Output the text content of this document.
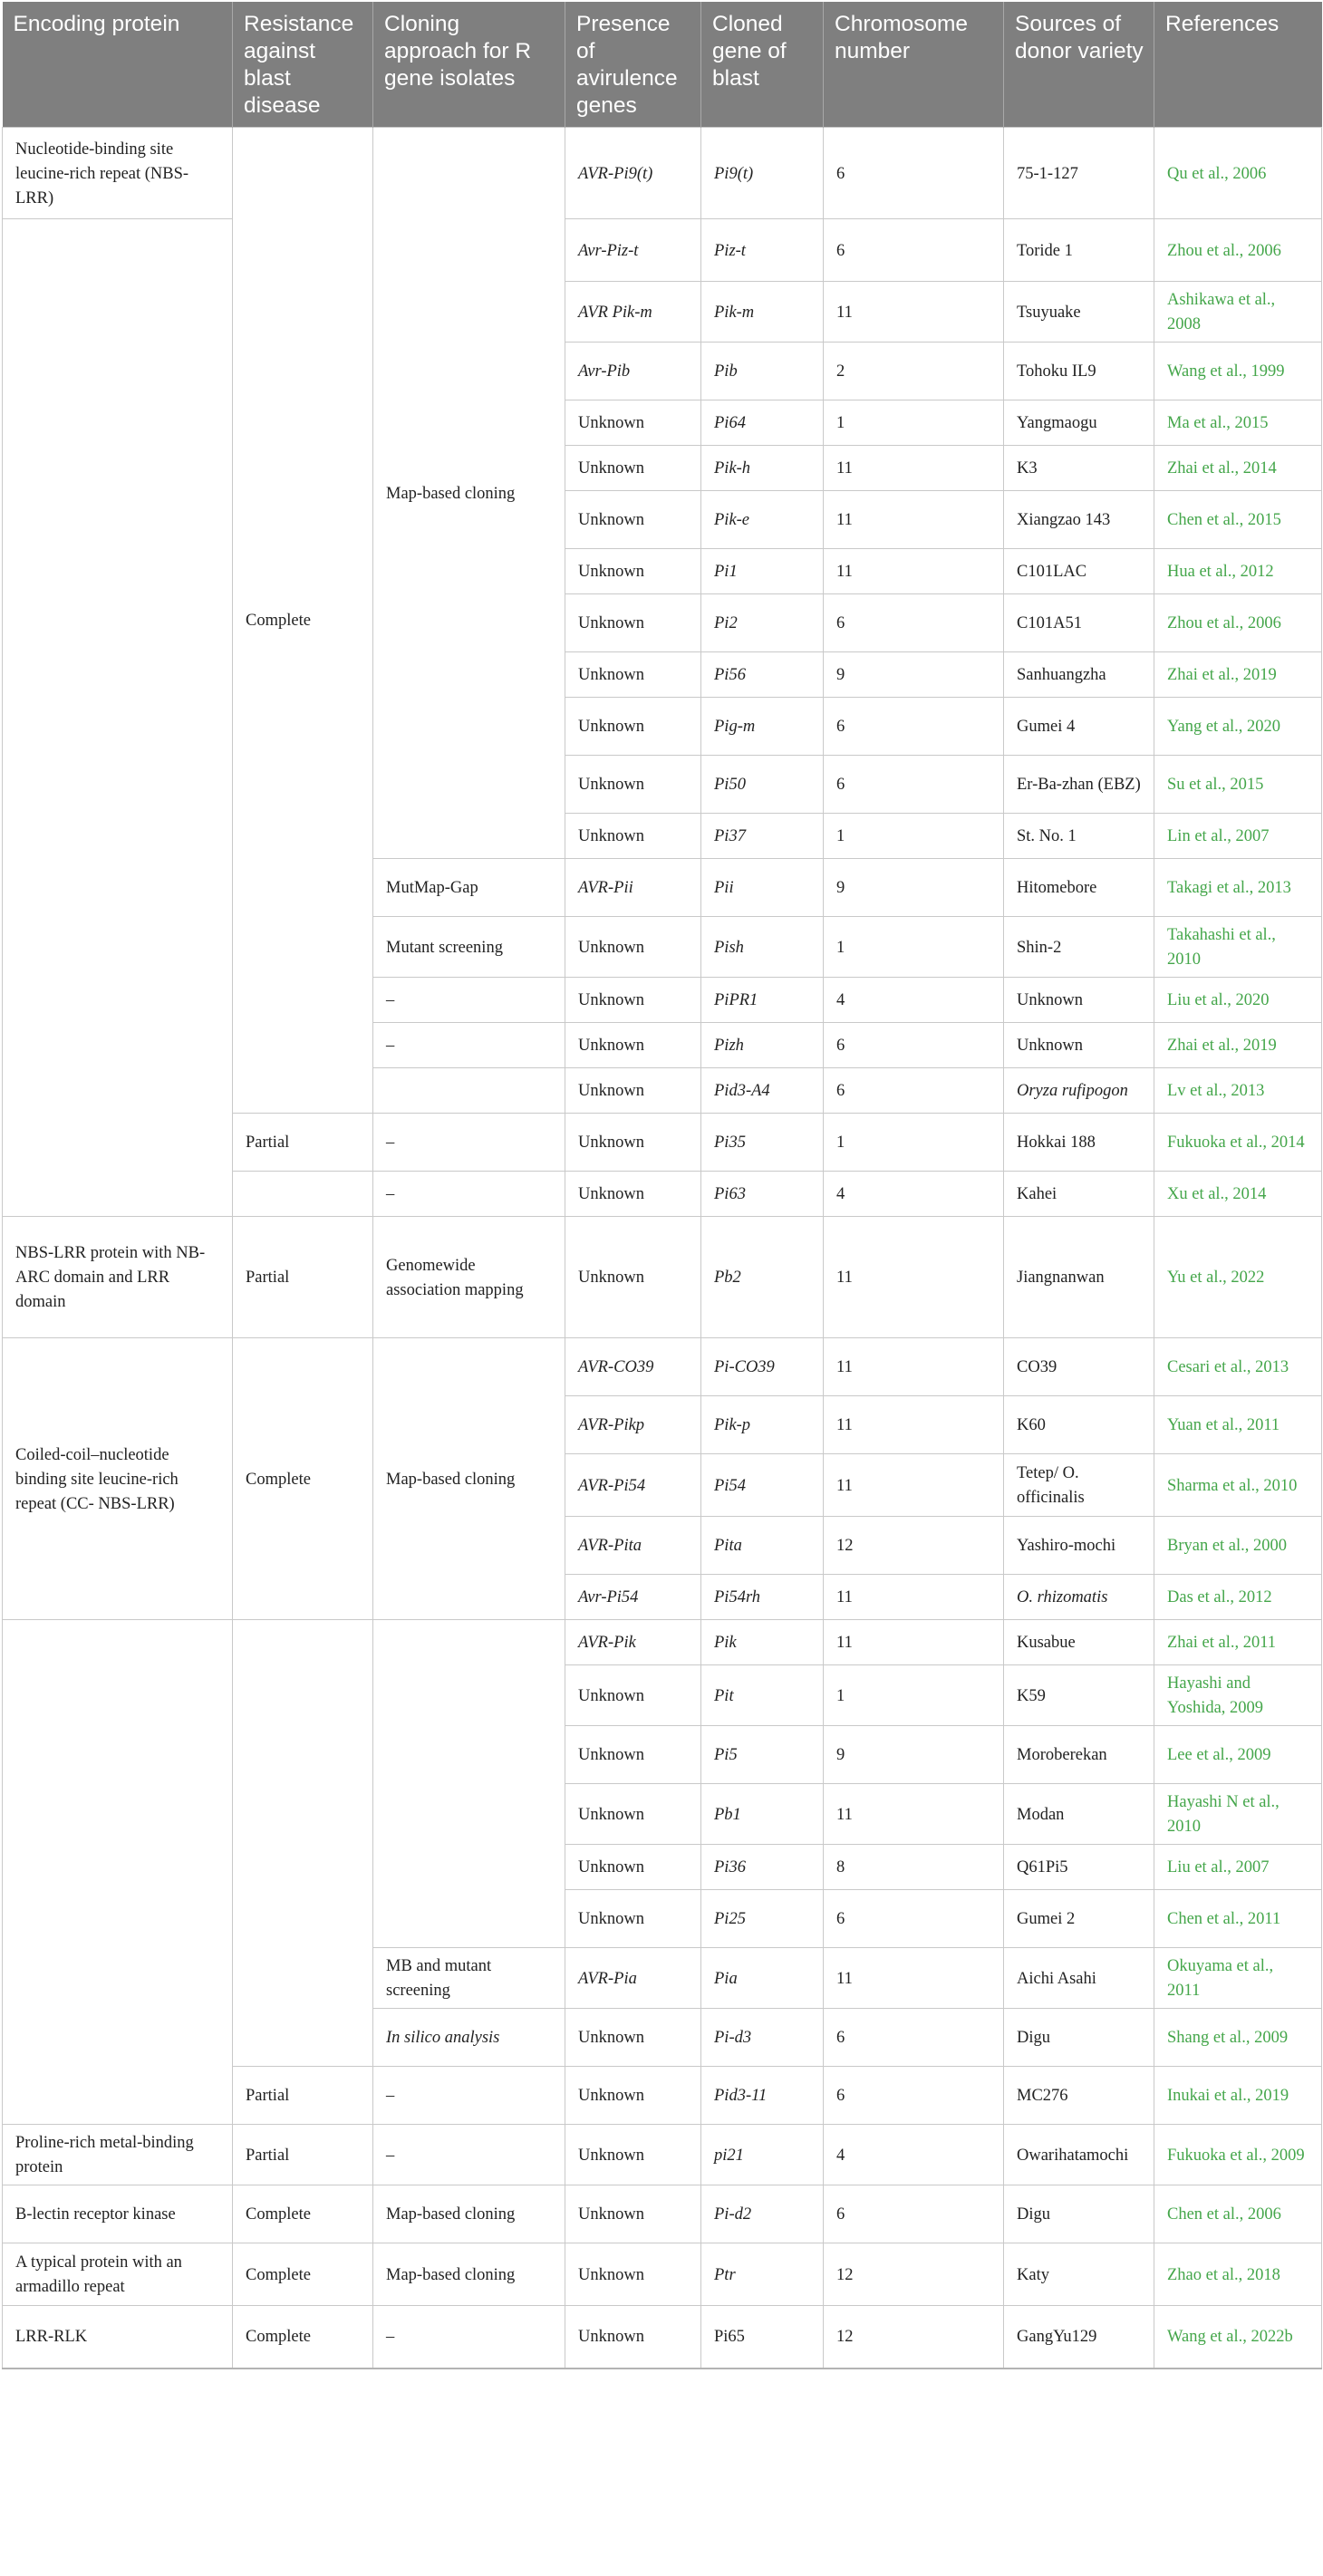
Encoding protein	Resistance against blast disease	Cloning approach for R gene isolates	Presence of avirulence genes	Cloned gene of blast	Chromosome number	Sources of donor variety	References
Nucleotide-binding site leucine-rich repeat (NBS-LRR)	Complete	Map-based cloning	AVR-Pi9(t)	Pi9(t)	6	75-1-127	Qu et al., 2006
			Avr-Piz-t	Piz-t	6	Toride 1	Zhou et al., 2006
			AVR Pik-m	Pik-m	11	Tsuyuake	Ashikawa et al., 2008
			Avr-Pib	Pib	2	Tohoku IL9	Wang et al., 1999
			Unknown	Pi64	1	Yangmaogu	Ma et al., 2015
			Unknown	Pik-h	11	K3	Zhai et al., 2014
			Unknown	Pik-e	11	Xiangzao 143	Chen et al., 2015
			Unknown	Pi1	11	C101LAC	Hua et al., 2012
			Unknown	Pi2	6	C101A51	Zhou et al., 2006
			Unknown	Pi56	9	Sanhuangzha	Zhai et al., 2019
			Unknown	Pig-m	6	Gumei 4	Yang et al., 2020
			Unknown	Pi50	6	Er-Ba-zhan (EBZ)	Su et al., 2015
			Unknown	Pi37	1	St. No. 1	Lin et al., 2007
		MutMap-Gap	AVR-Pii	Pii	9	Hitomebore	Takagi et al., 2013
		Mutant screening	Unknown	Pish	1	Shin-2	Takahashi et al., 2010
		–	Unknown	PiPR1	4	Unknown	Liu et al., 2020
		–	Unknown	Pizh	6	Unknown	Zhai et al., 2019
			Unknown	Pid3-A4	6	Oryza rufipogon	Lv et al., 2013
	Partial	–	Unknown	Pi35	1	Hokkai 188	Fukuoka et al., 2014
		–	Unknown	Pi63	4	Kahei	Xu et al., 2014
NBS-LRR protein with NB-ARC domain and LRR domain	Partial	Genomewide association mapping	Unknown	Pb2	11	Jiangnanwan	Yu et al., 2022
Coiled-coil–nucleotide binding site leucine-rich repeat (CC- NBS-LRR)	Complete	Map-based cloning	AVR-CO39	Pi-CO39	11	CO39	Cesari et al., 2013
			AVR-Pikp	Pik-p	11	K60	Yuan et al., 2011
			AVR-Pi54	Pi54	11	Tetep/ O. officinalis	Sharma et al., 2010
			AVR-Pita	Pita	12	Yashiro-mochi	Bryan et al., 2000
			Avr-Pi54	Pi54rh	11	O. rhizomatis	Das et al., 2012
			AVR-Pik	Pik	11	Kusabue	Zhai et al., 2011
			Unknown	Pit	1	K59	Hayashi and Yoshida, 2009
			Unknown	Pi5	9	Moroberekan	Lee et al., 2009
			Unknown	Pb1	11	Modan	Hayashi N et al., 2010
			Unknown	Pi36	8	Q61Pi5	Liu et al., 2007
			Unknown	Pi25	6	Gumei 2	Chen et al., 2011
		MB and mutant screening	AVR-Pia	Pia	11	Aichi Asahi	Okuyama et al., 2011
		In silico analysis	Unknown	Pi-d3	6	Digu	Shang et al., 2009
	Partial	–	Unknown	Pid3-11	6	MC276	Inukai et al., 2019
Proline-rich metal-binding protein	Partial	–	Unknown	pi21	4	Owarihatamochi	Fukuoka et al., 2009
B-lectin receptor kinase	Complete	Map-based cloning	Unknown	Pi-d2	6	Digu	Chen et al., 2006
A typical protein with an armadillo repeat	Complete	Map-based cloning	Unknown	Ptr	12	Katy	Zhao et al., 2018
LRR-RLK	Complete	–	Unknown	Pi65	12	GangYu129	Wang et al., 2022b
